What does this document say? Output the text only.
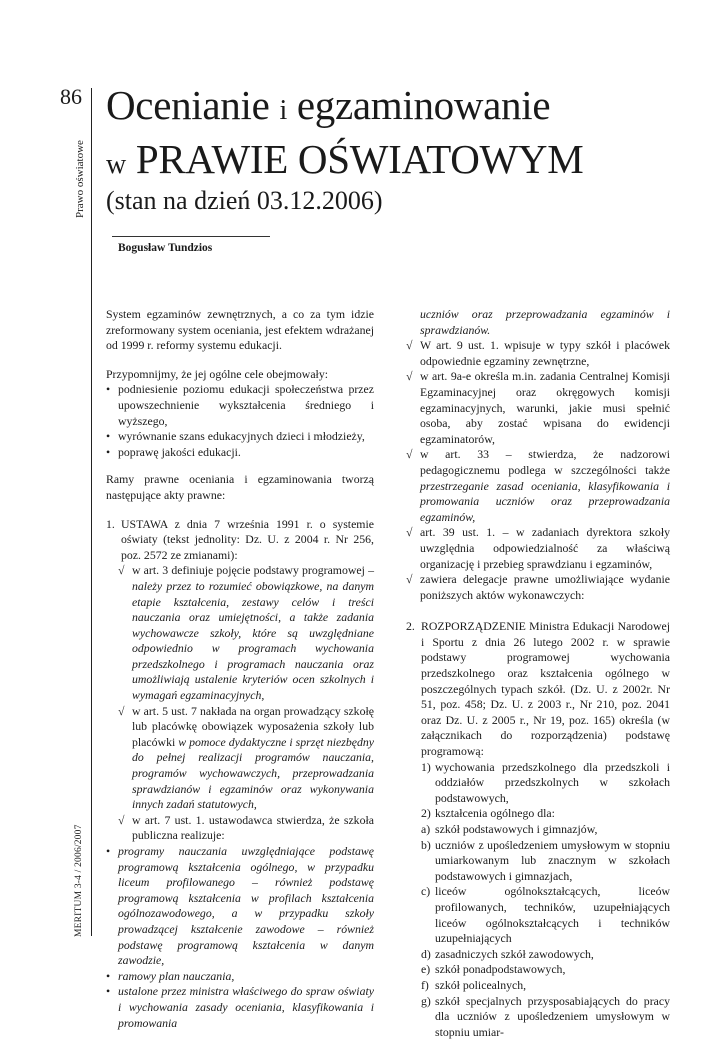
86
Prawo oświatowe
MERITUM 3-4 / 2006/2007
Ocenianie i egzaminowanie
w PRAWIE OŚWIATOWYM
(stan na dzień 03.12.2006)
Bogusław Tundzios

System egzaminów zewnętrznych, a co za tym idzie zreformowany system oceniania, jest efektem wdrażanej od 1999 r. reformy systemu edukacji.

Przypomnijmy, że jej ogólne cele obejmowały:
• podniesienie poziomu edukacji społeczeństwa przez upowszechnienie wykształcenia średniego i wyższego,
• wyrównanie szans edukacyjnych dzieci i młodzieży,
• poprawę jakości edukacji.

Ramy prawne oceniania i egzaminowania tworzą następujące akty prawne:

1. USTAWA z dnia 7 września 1991 r. o systemie oświaty (tekst jednolity: Dz. U. z 2004 r. Nr 256, poz. 2572 ze zmianami):
√ w art. 3 definiuje pojęcie podstawy programowej – należy przez to rozumieć obowiązkowe, na danym etapie kształcenia, zestawy celów i treści nauczania oraz umiejętności, a także zadania wychowawcze szkoły, które są uwzględniane odpowiednio w programach wychowania przedszkolnego i programach nauczania oraz umożliwiają ustalenie kryteriów ocen szkolnych i wymagań egzaminacyjnych,
√ w art. 5 ust. 7 nakłada na organ prowadzący szkołę lub placówkę obowiązek wyposażenia szkoły lub placówki w pomoce dydaktyczne i sprzęt niezbędny do pełnej realizacji programów nauczania, programów wychowawczych, przeprowadzania sprawdzianów i egzaminów oraz wykonywania innych zadań statutowych,
√ w art. 7 ust. 1. ustawodawca stwierdza, że szkoła publiczna realizuje:
• programy nauczania uwzględniające podstawę programową kształcenia ogólnego, w przypadku liceum profilowanego – również podstawę programową kształcenia w profilach kształcenia ogólnozawodowego, a w przypadku szkoły prowadzącej kształcenie zawodowe – również podstawę programową kształcenia w danym zawodzie,
• ramowy plan nauczania,
• ustalone przez ministra właściwego do spraw oświaty i wychowania zasady oceniania, klasyfikowania i promowania
uczniów oraz przeprowadzania egzaminów i sprawdzianów.
√ W art. 9 ust. 1. wpisuje w typy szkół i placówek odpowiednie egzaminy zewnętrzne,
√ w art. 9a-e określa m.in. zadania Centralnej Komisji Egzaminacyjnej oraz okręgowych komisji egzaminacyjnych, warunki, jakie musi spełnić osoba, aby zostać wpisana do ewidencji egzaminatorów,
√ w art. 33 – stwierdza, że nadzorowi pedagogicznemu podlega w szczególności także przestrzeganie zasad oceniania, klasyfikowania i promowania uczniów oraz przeprowadzania egzaminów,
√ art. 39 ust. 1. – w zadaniach dyrektora szkoły uwzględnia odpowiedzialność za właściwą organizację i przebieg sprawdzianu i egzaminów,
√ zawiera delegacje prawne umożliwiające wydanie poniższych aktów wykonawczych:
2. ROZPORZĄDZENIE Ministra Edukacji Narodowej i Sportu z dnia 26 lutego 2002 r. w sprawie podstawy programowej wychowania przedszkolnego oraz kształcenia ogólnego w poszczególnych typach szkół. (Dz. U. z 2002r. Nr 51, poz. 458; Dz. U. z 2003 r., Nr 210, poz. 2041 oraz Dz. U. z 2005 r., Nr 19, poz. 165) określa (w załącznikach do rozporządzenia) podstawę programową:
1) wychowania przedszkolnego dla przedszkoli i oddziałów przedszkolnych w szkołach podstawowych,
2) kształcenia ogólnego dla:
a) szkół podstawowych i gimnazjów,
b) uczniów z upośledzeniem umysłowym w stopniu umiarkowanym lub znacznym w szkołach podstawowych i gimnazjach,
c) liceów ogólnokształcących, liceów profilowanych, techników, uzupełniających liceów ogólnokształcących i techników uzupełniających
d) zasadniczych szkół zawodowych,
e) szkół ponadpodstawowych,
f) szkół policealnych,
g) szkół specjalnych przysposabiających do pracy dla uczniów z upośledzeniem umysłowym w stopniu umiar-
